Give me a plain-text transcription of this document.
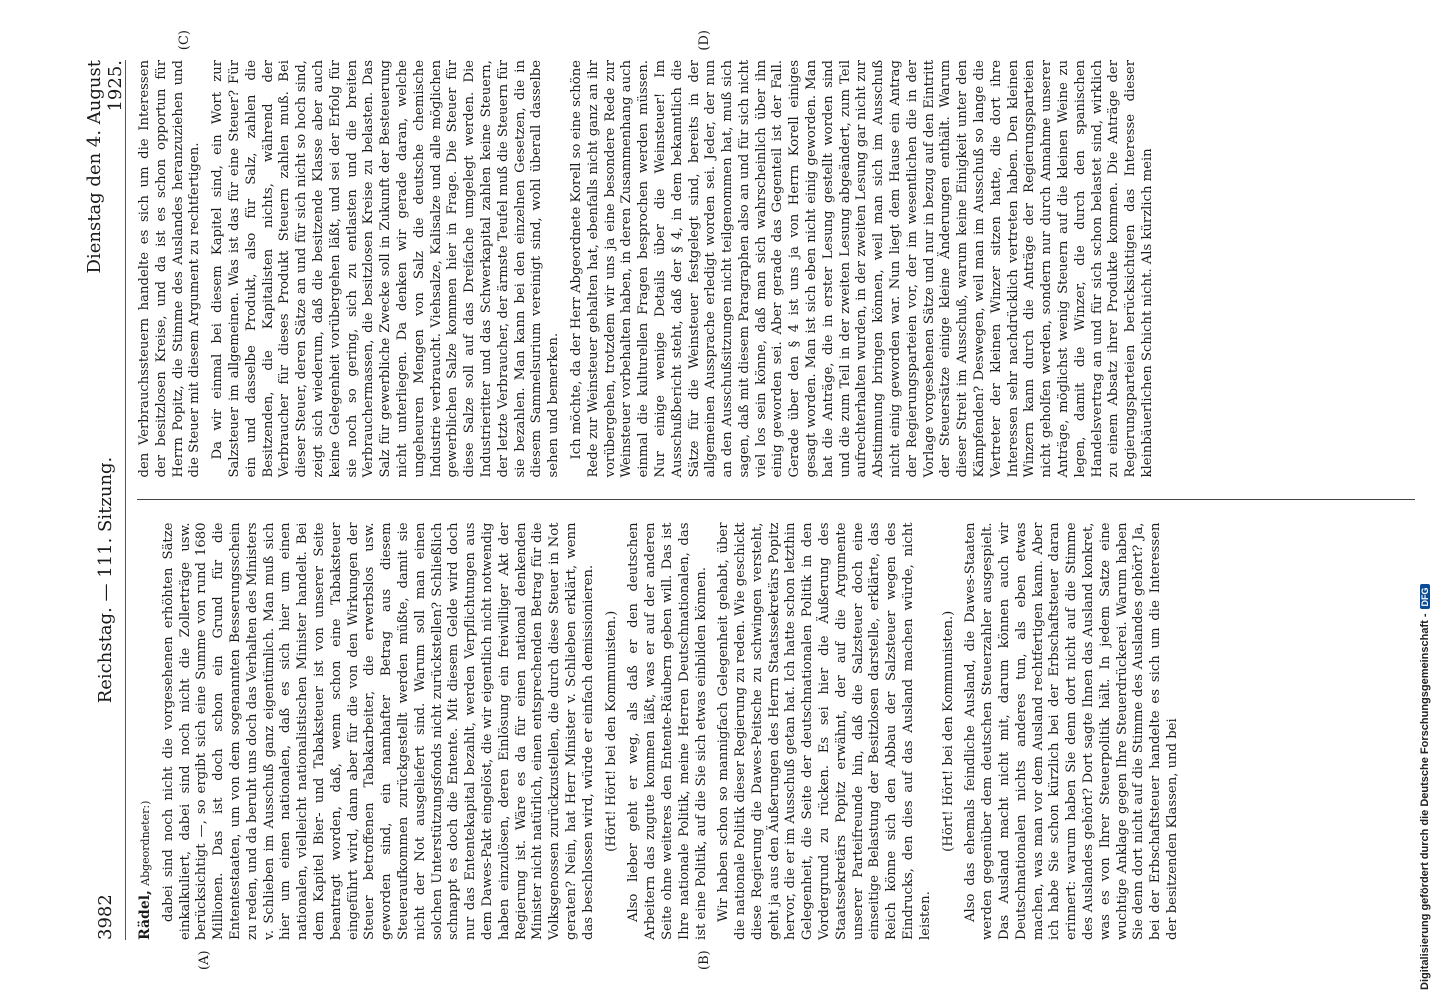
3982
Reichstag. — 111. Sitzung.
Dienstag den 4. August 1925.
(A)	(B)

Rädel, Abgeordneter:) dabei sind noch nicht die vorgesehenen erhöhten Sätze einkalkuliert, dabei sind noch nicht die Zollerträge usw. berücksichtigt —, so ergibt sich eine Summe von rund 1680 Millionen. Das ist doch schon ein Grund für die Ententestaaten, um von dem sogenannten Besserungsschein zu reden, und da beruht uns doch das Verhalten des Ministers v. Schlieben im Ausschuß ganz eigentümlich. Man muß sich hier um einen nationalen, daß es sich hier um einen nationalen, vielleicht nationalistischen Minister handelt. Bei dem Kapitel Bier- und Tabaksteuer ist von unserer Seite beantragt worden, daß, wenn schon eine Tabaksteuer eingeführt wird, dann aber für die von den Wirkungen der Steuer betroffenen Tabakarbeiter, die erwerbslos usw. geworden sind, ein namhafter Betrag aus diesem Steueraufkommen zurückgestellt werden müßte, damit sie nicht der Not ausgeliefert sind. Warum soll man einen solchen Unterstützungsfonds nicht zurückstellen? Schließlich schnappt es doch die Entente. Mit diesem Gelde wird doch nur das Ententekapital bezahlt, werden Verpflichtungen aus dem Dawes-Pakt eingelöst, die wir eigentlich nicht notwendig haben einzulösen, deren Einlösung ein freiwilliger Akt der Regierung ist. Wäre es da für einen national denkenden Minister nicht natürlich, einen entsprechenden Betrag für die Volksgenossen zurückzustellen, die durch diese Steuer in Not geraten? Nein, hat Herr Minister v. Schlieben erklärt, wenn das beschlossen wird, würde er einfach demissionieren. (Hört! Hört! bei den Kommunisten.) Also lieber geht er weg, als daß er den deutschen Arbeitern das zugute kommen läßt, was er auf der anderen Seite ohne weiteres den Entente-Räubern geben will. Das ist Ihre nationale Politik, meine Herren Deutschnationalen, das ist eine Politik, auf die Sie sich etwas einbilden können. Wir haben schon so mannigfach Gelegenheit gehabt, über die nationale Politik dieser Regierung zu reden. Wie geschickt diese Regierung die Dawes-Peitsche zu schwingen versteht, geht ja aus den Äußerungen des Herrn Staatssekretärs Popitz hervor, die er im Ausschuß getan hat. Ich hatte schon letzthin Gelegenheit, die Seite der deutschnationalen Politik in den Vordergrund zu rücken. Es sei hier die Äußerung des Staatssekretärs Popitz erwähnt, der auf die Argumente unserer Parteifreunde hin, daß die Salzsteuer doch eine einseitige Belastung der Besitzlosen darstelle, erklärte, das Reich könne sich den Abbau der Salzsteuer wegen des Eindrucks, den dies auf das Ausland machen würde, nicht leisten.

(Hört! Hört! bei den Kommunisten.) Also das ehemals feindliche Ausland, die Dawes-Staaten werden gegenüber dem deutschen Steuerzahler ausgespielt. Das Ausland macht nicht mit, darum können auch wir Deutschnationalen nichts anderes tun, als eben etwas machen, was man vor dem Ausland rechtfertigen kann. Aber ich habe Sie schon kürzlich bei der Erbschaftsteuer daran erinnert: warum haben Sie denn dort nicht auf die Stimme des Auslandes gehört? Dort sagte Ihnen das Ausland konkret, was es von Ihrer Steuerpolitik hält. In jedem Satze eine wuchtige Anklage gegen Ihre Steuerdrückerei. Warum haben Sie denn dort nicht auf die Stimme des Auslandes gehört? Ja, bei der Erbschaftsteuer handelte es sich um die Interessen der besitzenden Klassen, und bei

(C)	(D)

den Verbrauchssteuern handelte es sich um die Interessen der besitzlosen Kreise, und da ist es schon opportun für Herrn Popitz, die Stimme des Auslandes heranzuziehen und die Steuer mit diesem Argument zu rechtfertigen. Da wir einmal bei diesem Kapitel sind, ein Wort zur Salzsteuer im allgemeinen. Was ist das für eine Steuer? Für ein und dasselbe Produkt, also für Salz, zahlen die Besitzenden, die Kapitalisten nichts, während der Verbraucher für dieses Produkt Steuern zahlen muß. Bei dieser Steuer, deren Sätze an und für sich nicht so hoch sind, zeigt sich wiederum, daß die besitzende Klasse aber auch keine Gelegenheit vorübergehen läßt, und sei der Erfolg für sie noch so gering, sich zu entlasten und die breiten Verbrauchermassen, die besitzlosen Kreise zu belasten. Das Salz für gewerbliche Zwecke soll in Zukunft der Besteuerung nicht unterliegen. Da denken wir gerade daran, welche ungeheuren Mengen von Salz die deutsche chemische Industrie verbraucht. Viehsalze, Kalisalze und alle möglichen gewerblichen Salze kommen hier in Frage. Die Steuer für diese Salze soll auf das Dreifache umgelegt werden. Die Industrieritter und das Schwerkapital zahlen keine Steuern, der letzte Verbraucher, der ärmste Teufel muß die Steuern für sie bezahlen. Man kann bei den einzelnen Gesetzen, die in diesem Sammelsurium vereinigt sind, wohl überall dasselbe sehen und bemerken. Ich möchte, da der Herr Abgeordnete Korell so eine schöne Rede zur Weinsteuer gehalten hat, ebenfalls nicht ganz an ihr vorübergehen, trotzdem wir uns ja eine besondere Rede zur Weinsteuer vorbehalten haben, in deren Zusammenhang auch einmal die kulturellen Fragen besprochen werden müssen. Nur einige wenige Details über die Weinsteuer! Im Ausschußbericht steht, daß der § 4, in dem bekanntlich die Sätze für die Weinsteuer festgelegt sind, bereits in der allgemeinen Aussprache erledigt worden sei. Jeder, der nun an den Ausschußsitzungen nicht teilgenommen hat, muß sich sagen, daß mit diesem Paragraphen also an und für sich nicht viel los sein könne, daß man sich wahrscheinlich über ihn einig geworden sei. Aber gerade das Gegenteil ist der Fall. Gerade über den § 4 ist uns ja von Herrn Korell einiges gesagt worden. Man ist sich eben nicht einig geworden. Man hat die Anträge, die in erster Lesung gestellt worden sind und die zum Teil in der zweiten Lesung abgeändert, zum Teil aufrechterhalten wurden, in der zweiten Lesung gar nicht zur Abstimmung bringen können, weil man sich im Ausschuß nicht einig geworden war. Nun liegt dem Hause ein Antrag der Regierungsparteien vor, der im wesentlichen die in der Vorlage vorgesehenen Sätze und nur in bezug auf den Eintritt der Steuersätze einige kleine Änderungen enthält. Warum dieser Streit im Ausschuß, warum keine Einigkeit unter den Kämpfenden? Deswegen, weil man im Ausschuß so lange die Vertreter der kleinen Winzer sitzen hatte, die dort ihre Interessen sehr nachdrücklich vertreten haben. Den kleinen Winzern kann durch die Anträge der Regierungsparteien nicht geholfen werden, sondern nur durch Annahme unserer Anträge, möglichst wenig Steuern auf die kleinen Weine zu legen, damit die Winzer, die durch den spanischen Handelsvertrag an und für sich schon belastet sind, wirklich zu einem Absatz ihrer Produkte kommen. Die Anträge der Regierungsparteien berücksichtigen das Interesse dieser kleinbäuerlichen Schicht nicht. Als kürzlich mein

Digitalisierung gefördert durch die Deutsche Forschungsgemeinschaft -
DFG
